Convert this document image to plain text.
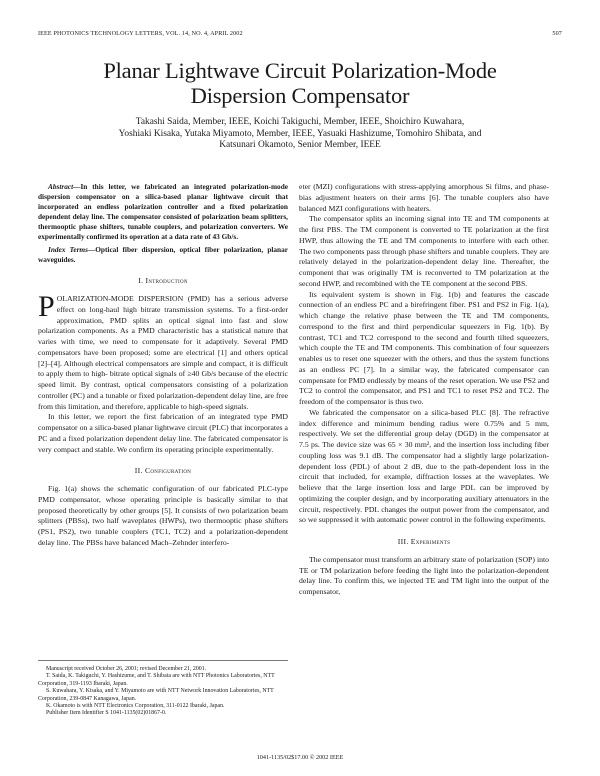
IEEE PHOTONICS TECHNOLOGY LETTERS, VOL. 14, NO. 4, APRIL 2002	507
Planar Lightwave Circuit Polarization-Mode
Dispersion Compensator
Takashi Saida, Member, IEEE, Koichi Takiguchi, Member, IEEE, Shoichiro Kuwahara,
Yoshiaki Kisaka, Yutaka Miyamoto, Member, IEEE, Yasuaki Hashizume, Tomohiro Shibata, and
Katsunari Okamoto, Senior Member, IEEE

Abstract—In this letter, we fabricated an integrated polarization-mode dispersion compensator on a silica-based planar lightwave circuit that incorporated an endless polarization controller and a fixed polarization dependent delay line. The compensator consisted of polarization beam splitters, thermooptic phase shifters, tunable couplers, and polarization converters. We experimentally confirmed its operation at a data rate of 43 Gb/s.

Index Terms—Optical fiber dispersion, optical fiber polarization, planar waveguides.

I. Introduction

POLARIZATION-MODE DISPERSION (PMD) has a serious adverse effect on long-haul high bitrate transmission systems. To a first-order approximation, PMD splits an optical signal into fast and slow polarization components. As a PMD characteristic has a statistical nature that varies with time, we need to compensate for it adaptively. Several PMD compensators have been proposed; some are electrical [1] and others optical [2]–[4]. Although electrical compensators are simple and compact, it is difficult to apply them to high- bitrate optical signals of ≥40 Gb/s because of the electric speed limit. By contrast, optical compensators consisting of a polarization controller (PC) and a tunable or fixed polarization-dependent delay line, are free from this limitation, and therefore, applicable to high-speed signals.

In this letter, we report the first fabrication of an integrated type PMD compensator on a silica-based planar lightwave circuit (PLC) that incorporates a PC and a fixed polarization dependent delay line. The fabricated compensator is very compact and stable. We confirm its operating principle experimentally.

II. Configuration

Fig. 1(a) shows the schematic configuration of our fabricated PLC-type PMD compensator, whose operating principle is basically similar to that proposed theoretically by other groups [5]. It consists of two polarization beam splitters (PBSs), two half waveplates (HWPs), two thermooptic phase shifters (PS1, PS2), two tunable couplers (TC1, TC2) and a polarization-dependent delay line. The PBSs have balanced Mach–Zehnder interfero-

eter (MZI) configurations with stress-applying amorphous Si films, and phase-bias adjustment heaters on their arms [6]. The tunable couplers also have balanced MZI configurations with heaters.

The compensator splits an incoming signal into TE and TM components at the first PBS. The TM component is converted to TE polarization at the first HWP, thus allowing the TE and TM components to interfere with each other. The two components pass through phase shifters and tunable couplers. They are relatively delayed in the polarization-dependent delay line. Thereafter, the component that was originally TM is reconverted to TM polarization at the second HWP, and recombined with the TE component at the second PBS.

Its equivalent system is shown in Fig. 1(b) and features the cascade connection of an endless PC and a birefringent fiber. PS1 and PS2 in Fig. 1(a), which change the relative phase between the TE and TM components, correspond to the first and third perpendicular squeezers in Fig. 1(b). By contrast, TC1 and TC2 correspond to the second and fourth tilted squeezers, which couple the TE and TM components. This combination of four squeezers enables us to reset one squeezer with the others, and thus the system functions as an endless PC [7]. In a similar way, the fabricated compensator can compensate for PMD endlessly by means of the reset operation. We use PS2 and TC2 to control the compensator, and PS1 and TC1 to reset PS2 and TC2. The freedom of the compensator is thus two.

We fabricated the compensator on a silica-based PLC [8]. The refractive index difference and minimum bending radius were 0.75% and 5 mm, respectively. We set the differential group delay (DGD) in the compensator at 7.5 ps. The device size was 65 × 30 mm², and the insertion loss including fiber coupling loss was 9.1 dB. The compensator had a slightly large polarization-dependent loss (PDL) of about 2 dB, due to the path-dependent loss in the circuit that included, for example, diffraction losses at the waveplates. We believe that the large insertion loss and large PDL can be improved by optimizing the coupler design, and by incorporating auxiliary attenuators in the circuit, respectively. PDL changes the output power from the compensator, and so we suppressed it with automatic power control in the following experiments.

III. Experiments

The compensator must transform an arbitrary state of polarization (SOP) into TE or TM polarization before feeding the light into the polarization-dependent delay line. To confirm this, we injected TE and TM light into the output of the compensator,

Manuscript received October 26, 2001; revised December 21, 2001.
T. Saida, K. Takiguchi, Y. Hashizume, and T. Shibata are with NTT Photonics Laboratories, NTT Corporation, 319-1193 Ibaraki, Japan.
S. Kuwahara, Y. Kisaka, and Y. Miyamoto are with NTT Network Innovation Laboratories, NTT Corporation, 239-0847 Kanagawa, Japan.
K. Okamoto is with NTT Electronics Corporation, 311-0122 Ibaraki, Japan.
Publisher Item Identifier S 1041-1135(02)01867-0.
1041-1135/02$17.00 © 2002 IEEE
